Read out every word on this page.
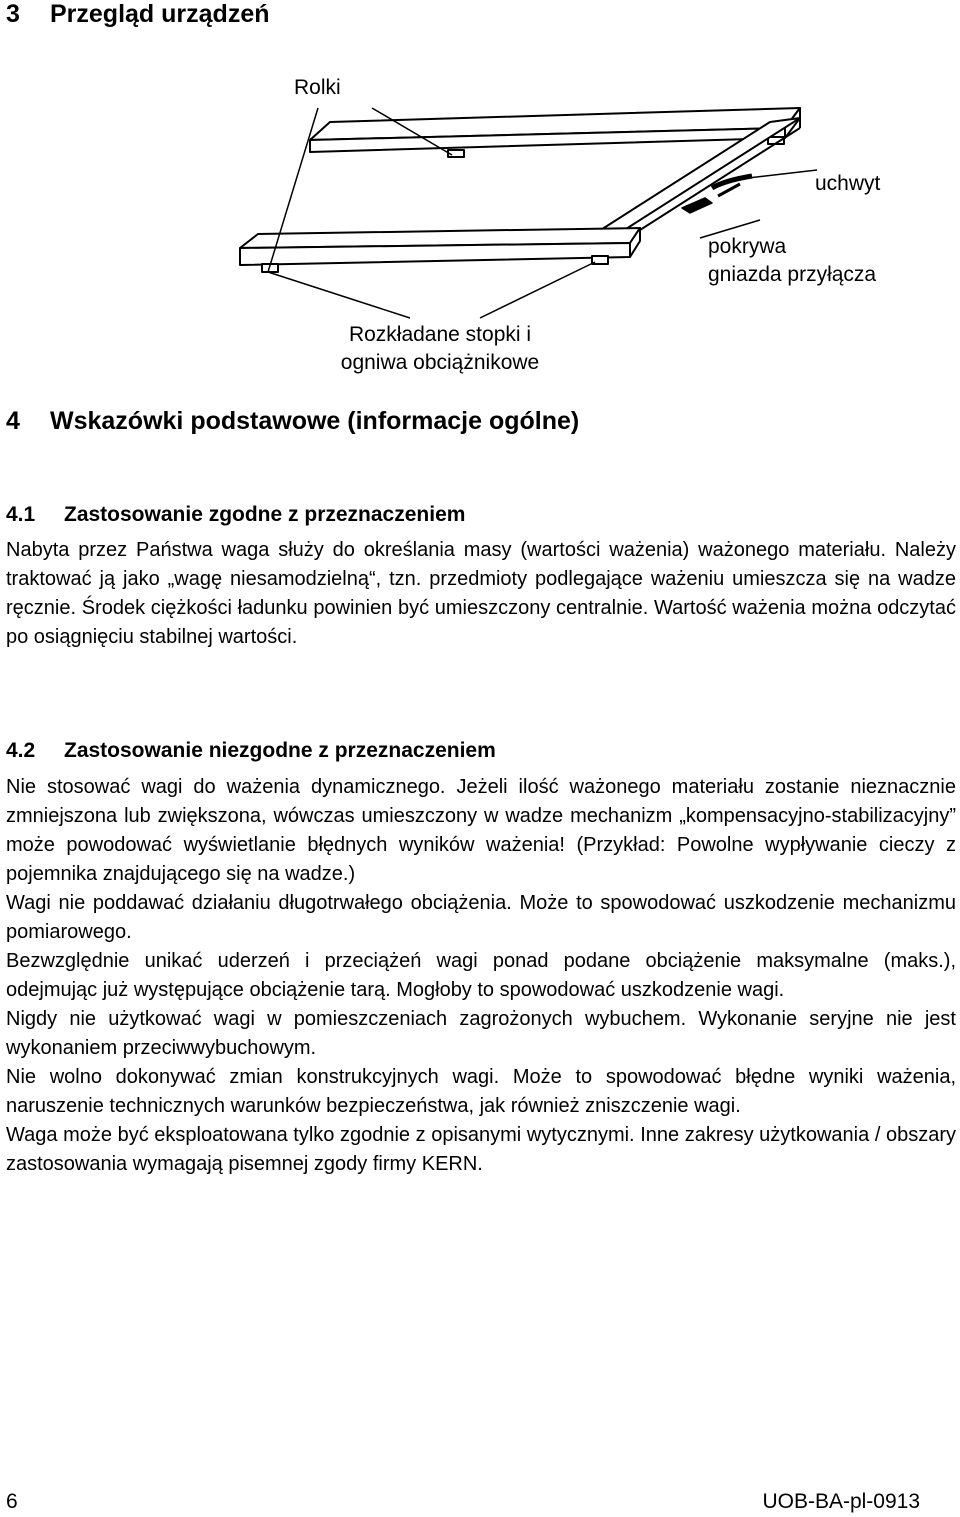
3 Przegląd urządzeń
Rolki
uchwyt
pokrywa
gniazda przyłącza
Rozkładane stopki i
ogniwa obciążnikowe
4 Wskazówki podstawowe (informacje ogólne)
4.1 Zastosowanie zgodne z przeznaczeniem

Nabyta przez Państwa waga służy do określania masy (wartości ważenia) ważonego materiału. Należy traktować ją jako „wagę niesamodzielną“, tzn. przedmioty podlegające ważeniu umieszcza się na wadze ręcznie. Środek ciężkości ładunku powinien być umieszczony centralnie. Wartość ważenia można odczytać po osiągnięciu stabilnej wartości.

4.2 Zastosowanie niezgodne z przeznaczeniem

Nie stosować wagi do ważenia dynamicznego. Jeżeli ilość ważonego materiału zostanie nieznacznie zmniejszona lub zwiększona, wówczas umieszczony w wadze mechanizm „kompensacyjno-stabilizacyjny” może powodować wyświetlanie błędnych wyników ważenia! (Przykład: Powolne wypływanie cieczy z pojemnika znajdującego się na wadze.)

Wagi nie poddawać działaniu długotrwałego obciążenia. Może to spowodować uszkodzenie mechanizmu pomiarowego.

Bezwzględnie unikać uderzeń i przeciążeń wagi ponad podane obciążenie maksymalne (maks.), odejmując już występujące obciążenie tarą. Mogłoby to spowodować uszkodzenie wagi.

Nigdy nie użytkować wagi w pomieszczeniach zagrożonych wybuchem. Wykonanie seryjne nie jest wykonaniem przeciwwybuchowym.

Nie wolno dokonywać zmian konstrukcyjnych wagi. Może to spowodować błędne wyniki ważenia, naruszenie technicznych warunków bezpieczeństwa, jak również zniszczenie wagi.

Waga może być eksploatowana tylko zgodnie z opisanymi wytycznymi. Inne zakresy użytkowania / obszary zastosowania wymagają pisemnej zgody firmy KERN.

6	UOB-BA-pl-0913
